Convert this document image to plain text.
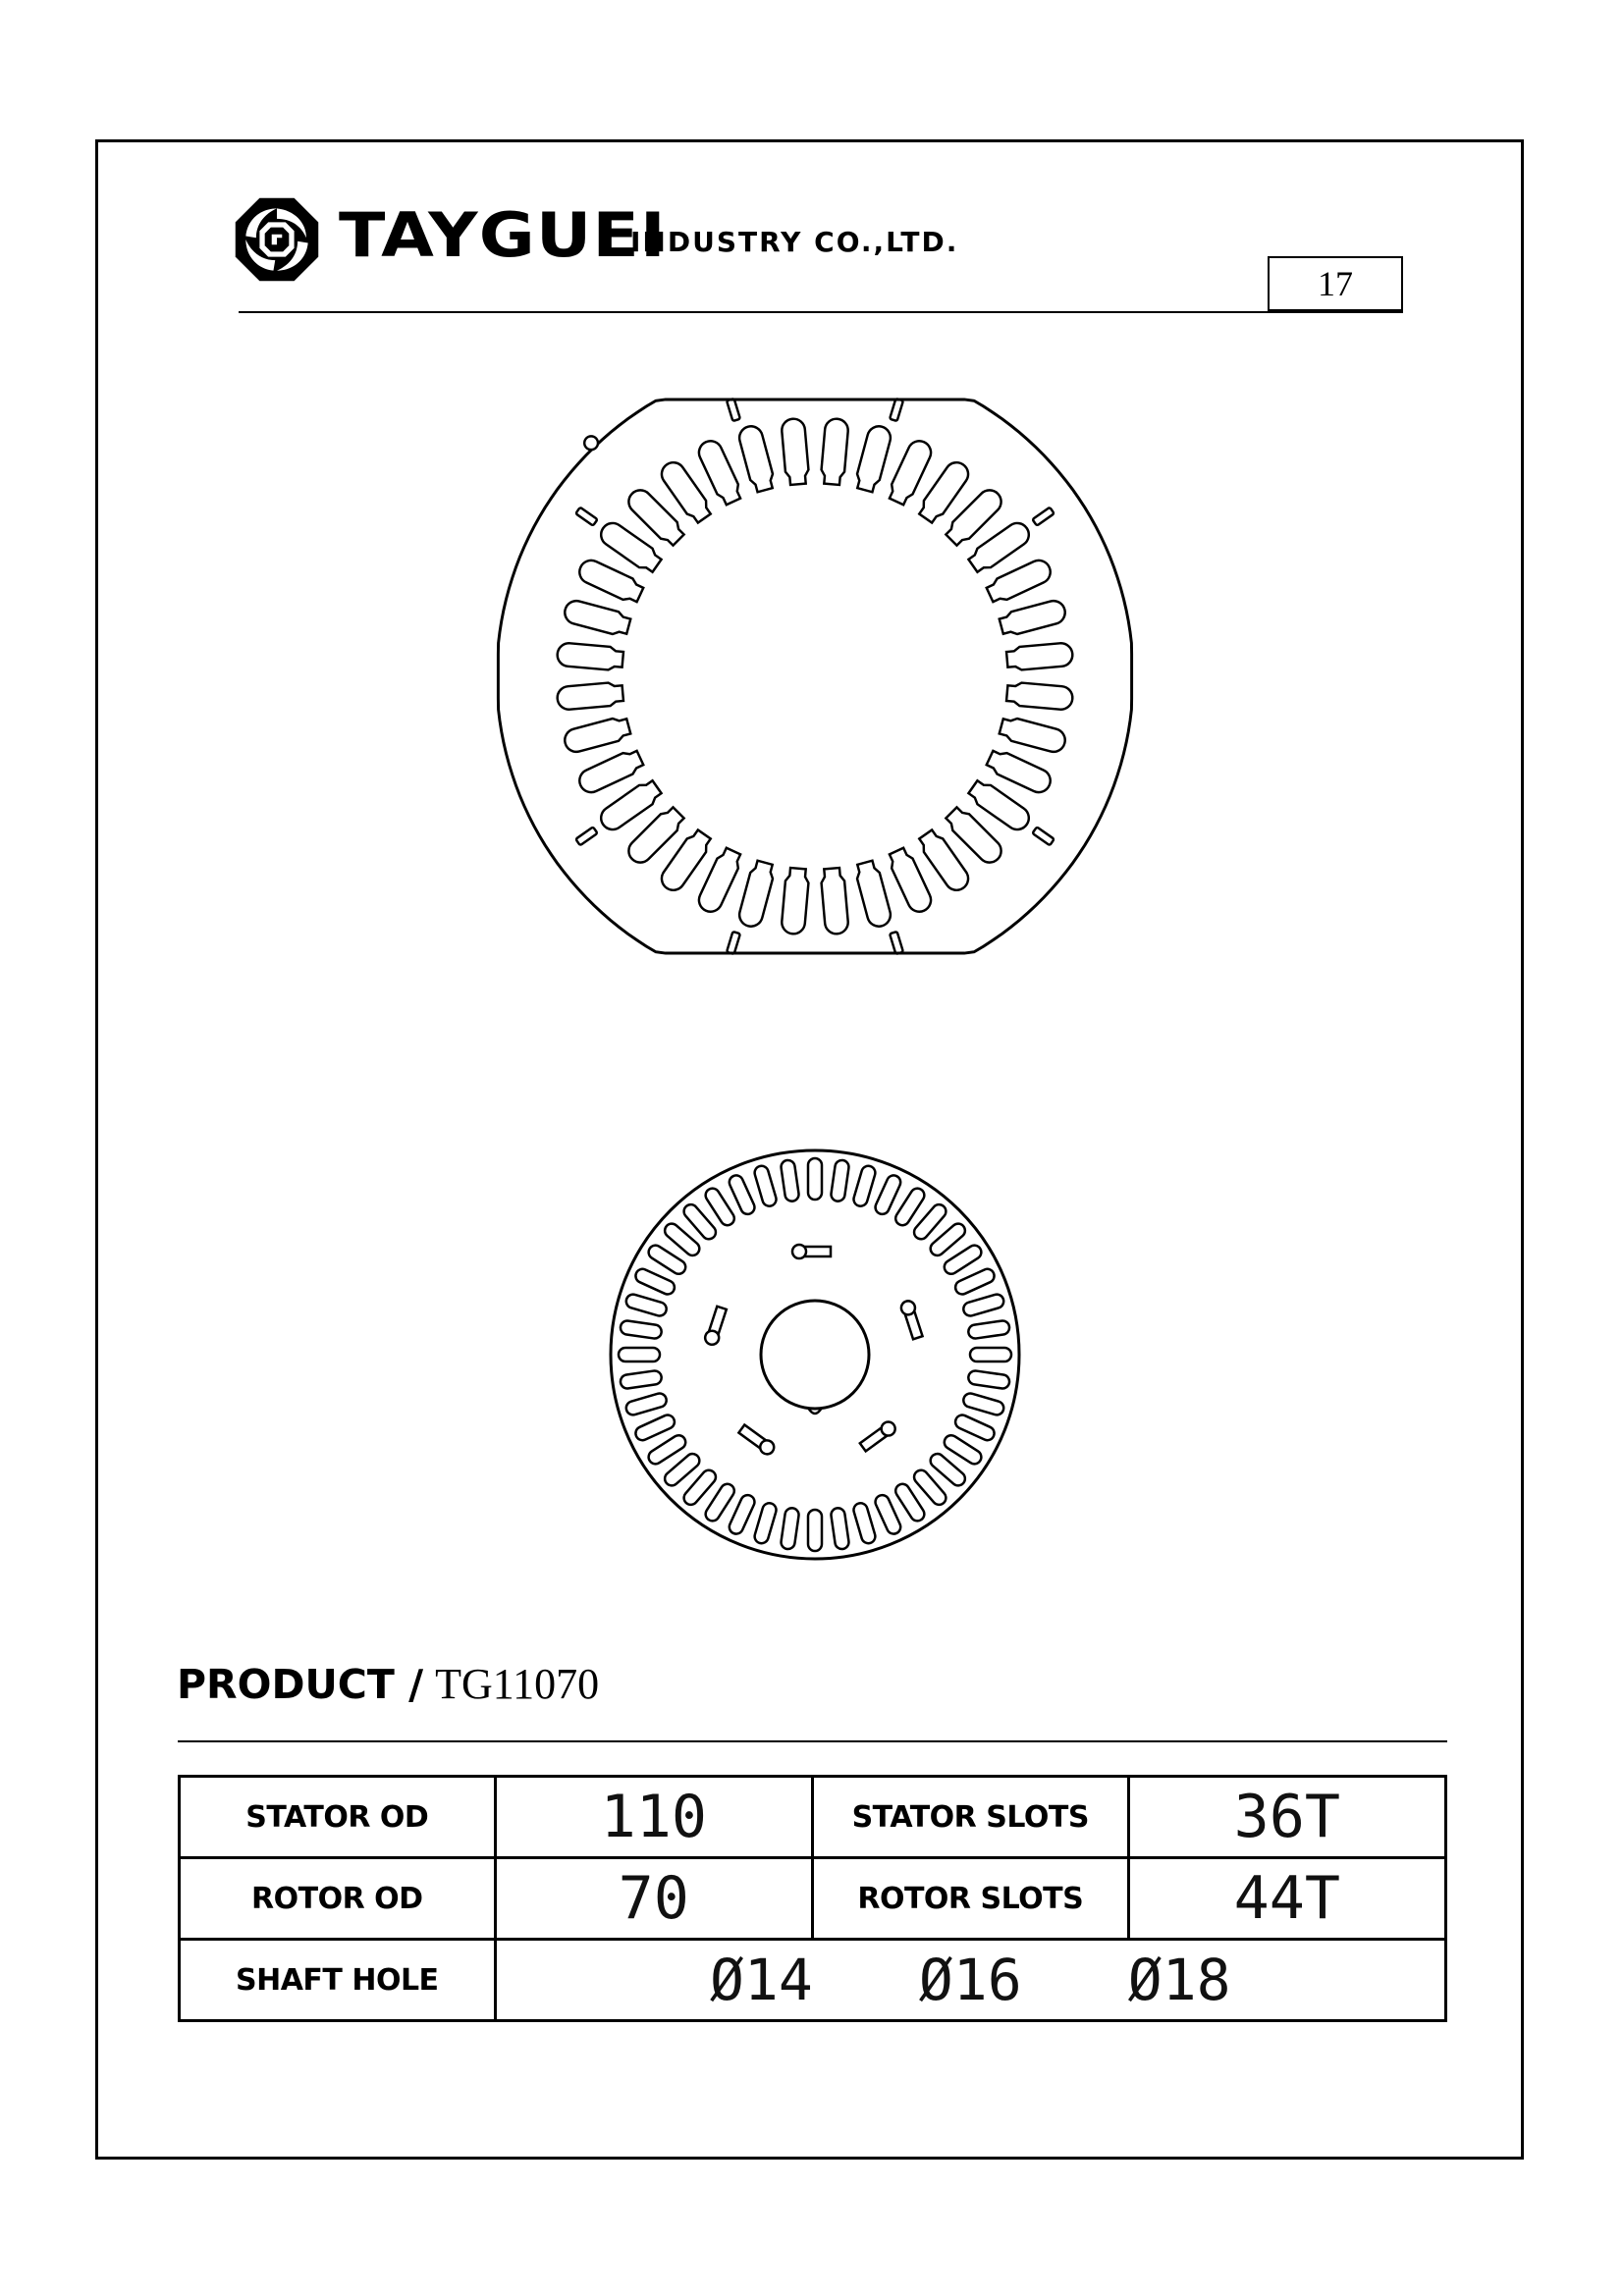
TAYGUEI
INDUSTRY CO.,LTD.
17
PRODUCT / TG11070
STATOR OD	110	STATOR SLOTS	36T
ROTOR OD	70	ROTOR SLOTS	44T
SHAFT HOLE	Ø14 Ø16 Ø18		
